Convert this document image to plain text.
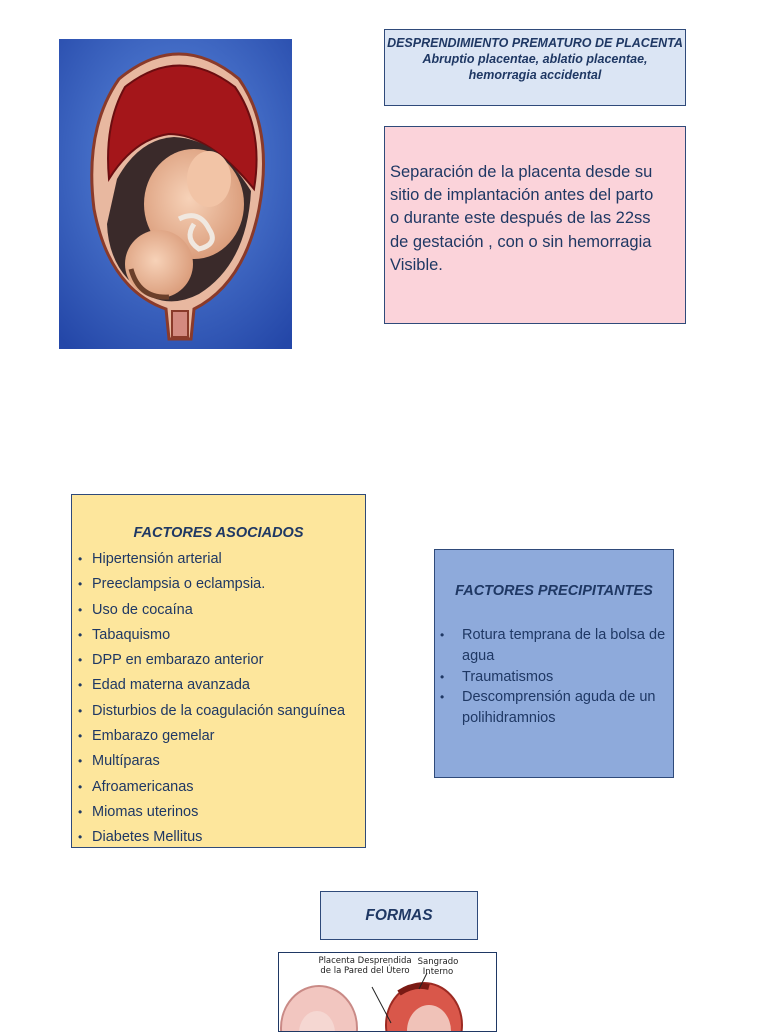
DESPRENDIMIENTO PREMATURO DE PLACENTA
Abruptio placentae, ablatio placentae,
hemorragia accidental
Separación de la placenta desde su
sitio de implantación antes del parto
o durante este después de las 22ss
de gestación , con o sin hemorragia
Visible.
FACTORES ASOCIADOS
• Hipertensión arterial
• Preeclampsia o eclampsia.
• Uso de cocaína
• Tabaquismo
• DPP en embarazo anterior
• Edad materna avanzada
• Disturbios de la coagulación sanguínea
• Embarazo gemelar
• Multíparas
• Afroamericanas
• Miomas uterinos
• Diabetes Mellitus
FACTORES PRECIPITANTES
•	Rotura temprana de la bolsa de agua
•	Traumatismos
•	Descomprensión aguda de un polihidramnios
FORMAS
Placenta Desprendida de la Pared del Útero
Sangrado Interno
